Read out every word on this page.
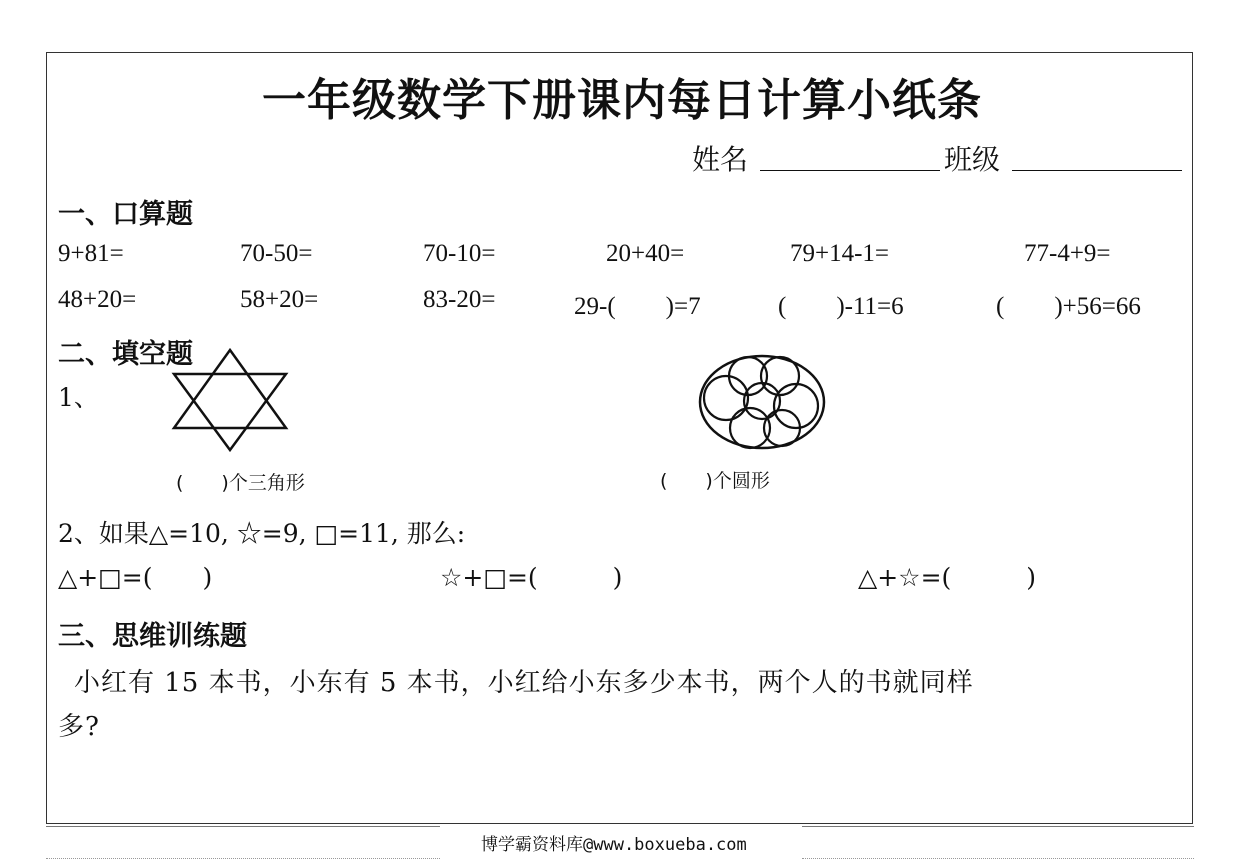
一年级数学下册课内每日计算小纸条
姓名	班级
一、口算题
9+81=	70-50=	70-10=	20+40=	79+14-1=	77-4+9=
48+20=	58+20=	83-20=	29-(　　)=7	(　　)-11=6	(　　)+56=66
二、填空题
1、
(　　)个三角形	(　　)个圆形
2、如果△=10, ☆=9, □=11, 那么:
△+□=(　　)	☆+□=(　　　)	△+☆=(　　　)
三、思维训练题
小红有 15 本书，小东有 5 本书，小红给小东多少本书，两个人的书就同样
多?
博学霸资料库@www.boxueba.com
